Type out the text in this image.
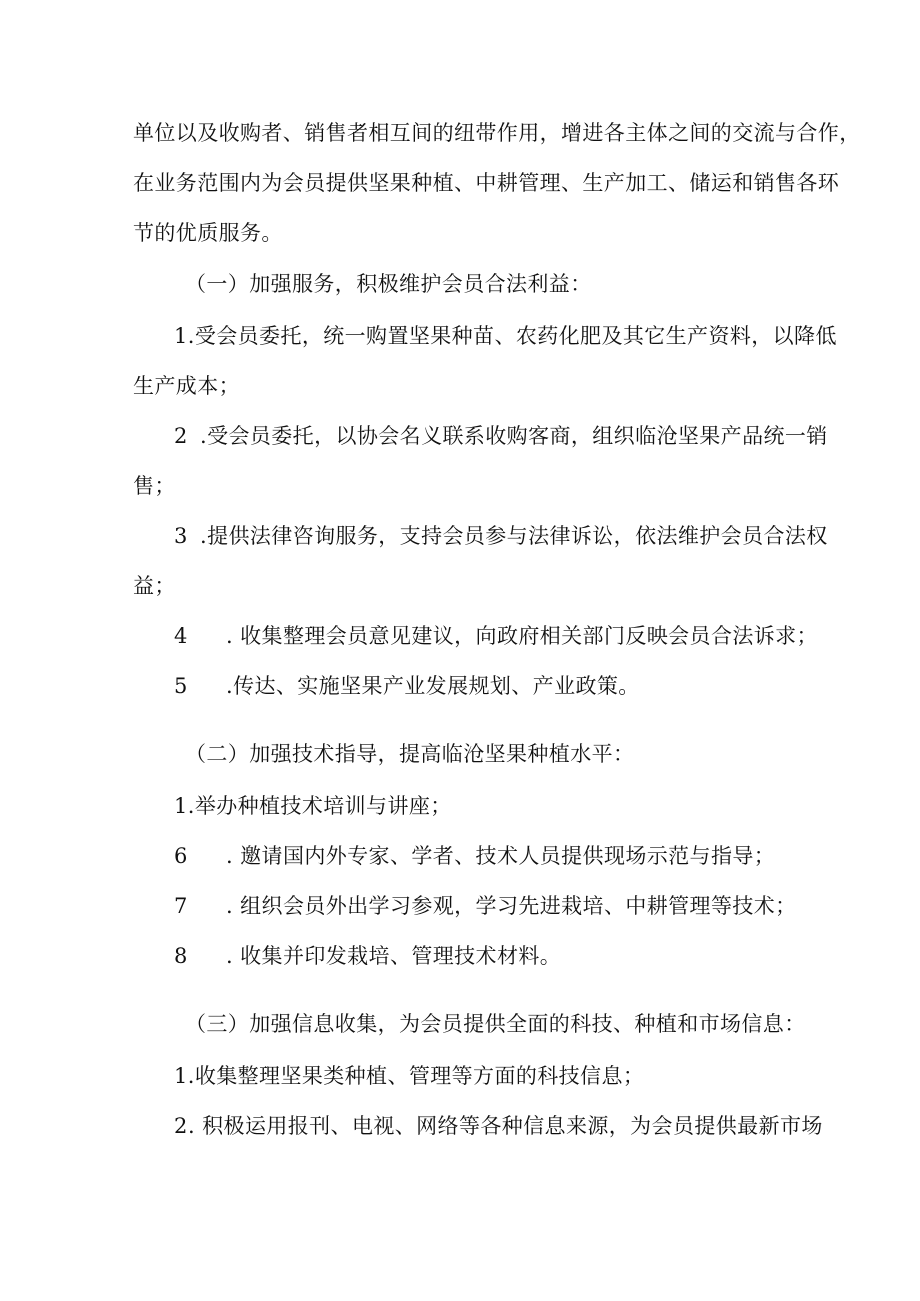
单位以及收购者、销售者相互间的纽带作用，增进各主体之间的交流与合作，
在业务范围内为会员提供坚果种植、中耕管理、生产加工、储运和销售各环
节的优质服务。
（一）加强服务，积极维护会员合法利益：
1.受会员委托，统一购置坚果种苗、农药化肥及其它生产资料，以降低
生产成本；
2 .受会员委托，以协会名义联系收购客商，组织临沧坚果产品统一销
售；
3 .提供法律咨询服务，支持会员参与法律诉讼，依法维护会员合法权
益；
4 . 收集整理会员意见建议，向政府相关部门反映会员合法诉求；
5 .传达、实施坚果产业发展规划、产业政策。
（二）加强技术指导，提高临沧坚果种植水平：
1.举办种植技术培训与讲座；
6 . 邀请国内外专家、学者、技术人员提供现场示范与指导；
7 . 组织会员外出学习参观，学习先进栽培、中耕管理等技术；
8 . 收集并印发栽培、管理技术材料。
（三）加强信息收集，为会员提供全面的科技、种植和市场信息：
1.收集整理坚果类种植、管理等方面的科技信息；
2. 积极运用报刊、电视、网络等各种信息来源，为会员提供最新市场
